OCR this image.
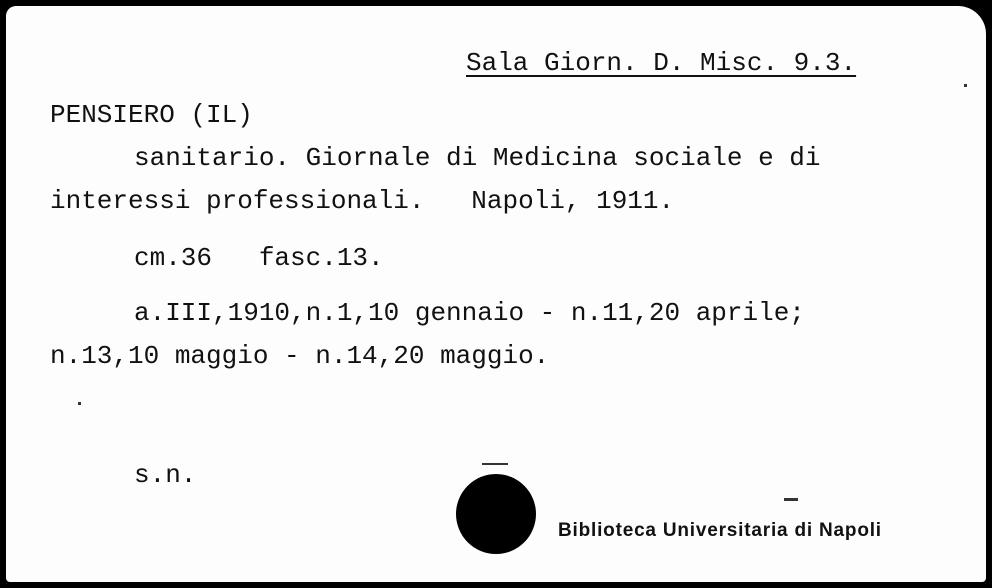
Sala Giorn. D. Misc. 9.3.
PENSIERO (IL)
sanitario. Giornale di Medicina sociale e di
interessi professionali.   Napoli, 1911.
cm.36   fasc.13.
a.III,1910,n.1,10 gennaio - n.11,20 aprile;
n.13,10 maggio - n.14,20 maggio.
s.n.
Biblioteca Universitaria di Napoli
